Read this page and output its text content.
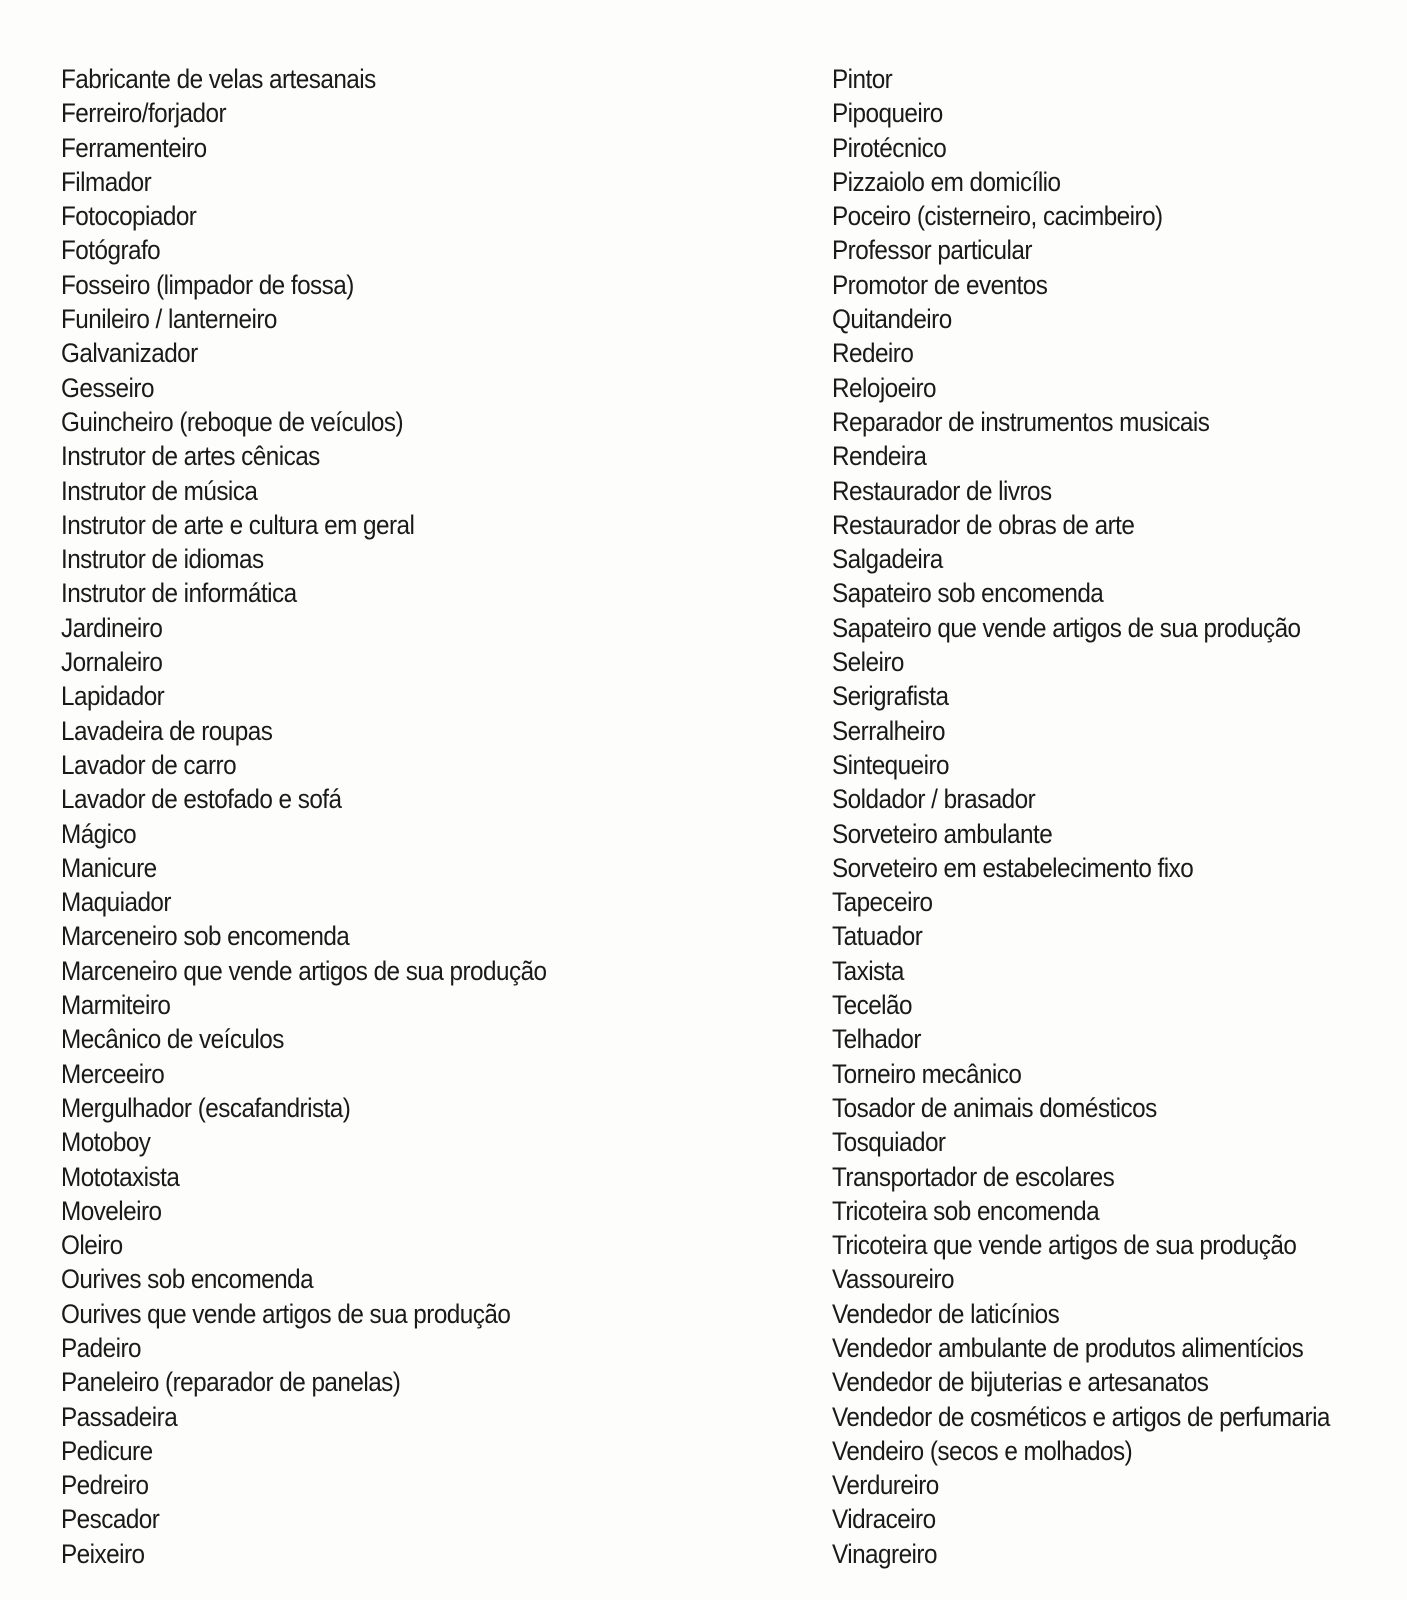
Fabricante de velas artesanais
Ferreiro/forjador
Ferramenteiro
Filmador
Fotocopiador
Fotógrafo
Fosseiro (limpador de fossa)
Funileiro / lanterneiro
Galvanizador
Gesseiro
Guincheiro (reboque de veículos)
Instrutor de artes cênicas
Instrutor de música
Instrutor de arte e cultura em geral
Instrutor de idiomas
Instrutor de informática
Jardineiro
Jornaleiro
Lapidador
Lavadeira de roupas
Lavador de carro
Lavador de estofado e sofá
Mágico
Manicure
Maquiador
Marceneiro sob encomenda
Marceneiro que vende artigos de sua produção
Marmiteiro
Mecânico de veículos
Merceeiro
Mergulhador (escafandrista)
Motoboy
Mototaxista
Moveleiro
Oleiro
Ourives sob encomenda
Ourives que vende artigos de sua produção
Padeiro
Paneleiro (reparador de panelas)
Passadeira
Pedicure
Pedreiro
Pescador
Peixeiro
Pintor
Pipoqueiro
Pirotécnico
Pizzaiolo em domicílio
Poceiro (cisterneiro, cacimbeiro)
Professor particular
Promotor de eventos
Quitandeiro
Redeiro
Relojoeiro
Reparador de instrumentos musicais
Rendeira
Restaurador de livros
Restaurador de obras de arte
Salgadeira
Sapateiro sob encomenda
Sapateiro que vende artigos de sua produção
Seleiro
Serigrafista
Serralheiro
Sintequeiro
Soldador / brasador
Sorveteiro ambulante
Sorveteiro em estabelecimento fixo
Tapeceiro
Tatuador
Taxista
Tecelão
Telhador
Torneiro mecânico
Tosador de animais domésticos
Tosquiador
Transportador de escolares
Tricoteira sob encomenda
Tricoteira que vende artigos de sua produção
Vassoureiro
Vendedor de laticínios
Vendedor ambulante de produtos alimentícios
Vendedor de bijuterias e artesanatos
Vendedor de cosméticos e artigos de perfumaria
Vendeiro (secos e molhados)
Verdureiro
Vidraceiro
Vinagreiro
